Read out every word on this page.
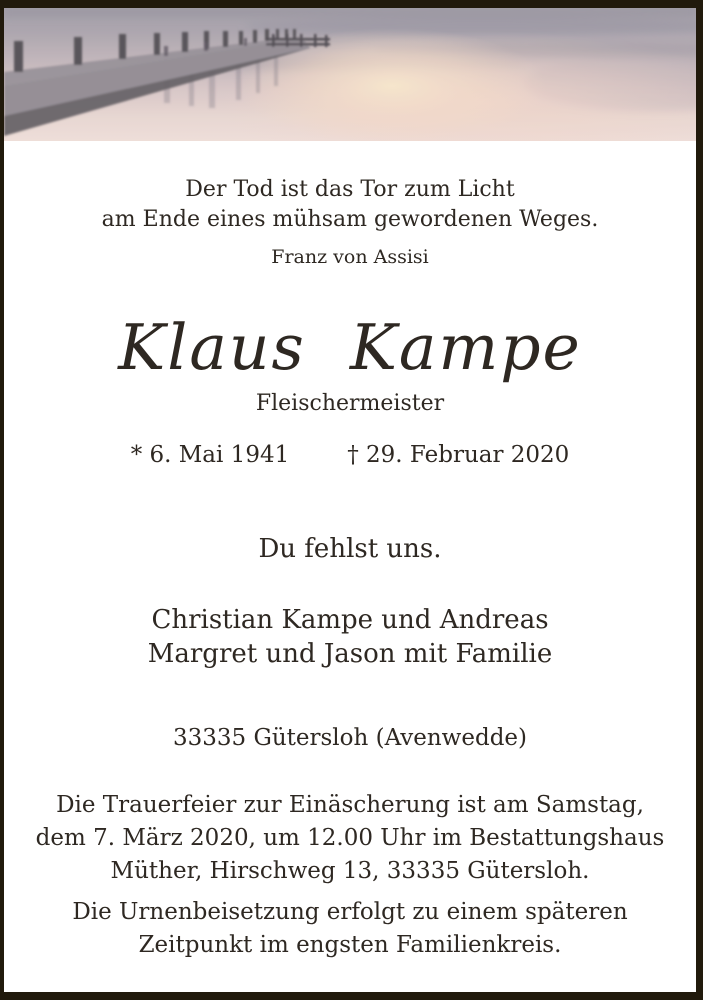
Der Tod ist das Tor zum Licht
am Ende eines mühsam gewordenen Weges.
Franz von Assisi
Klaus Kampe
Fleischermeister
* 6. Mai 1941	† 29. Februar 2020
Du fehlst uns.
Christian Kampe und Andreas
Margret und Jason mit Familie
33335 Gütersloh (Avenwedde)
Die Trauerfeier zur Einäscherung ist am Samstag,
dem 7. März 2020, um 12.00 Uhr im Bestattungshaus
Müther, Hirschweg 13, 33335 Gütersloh.
Die Urnenbeisetzung erfolgt zu einem späteren
Zeitpunkt im engsten Familienkreis.
